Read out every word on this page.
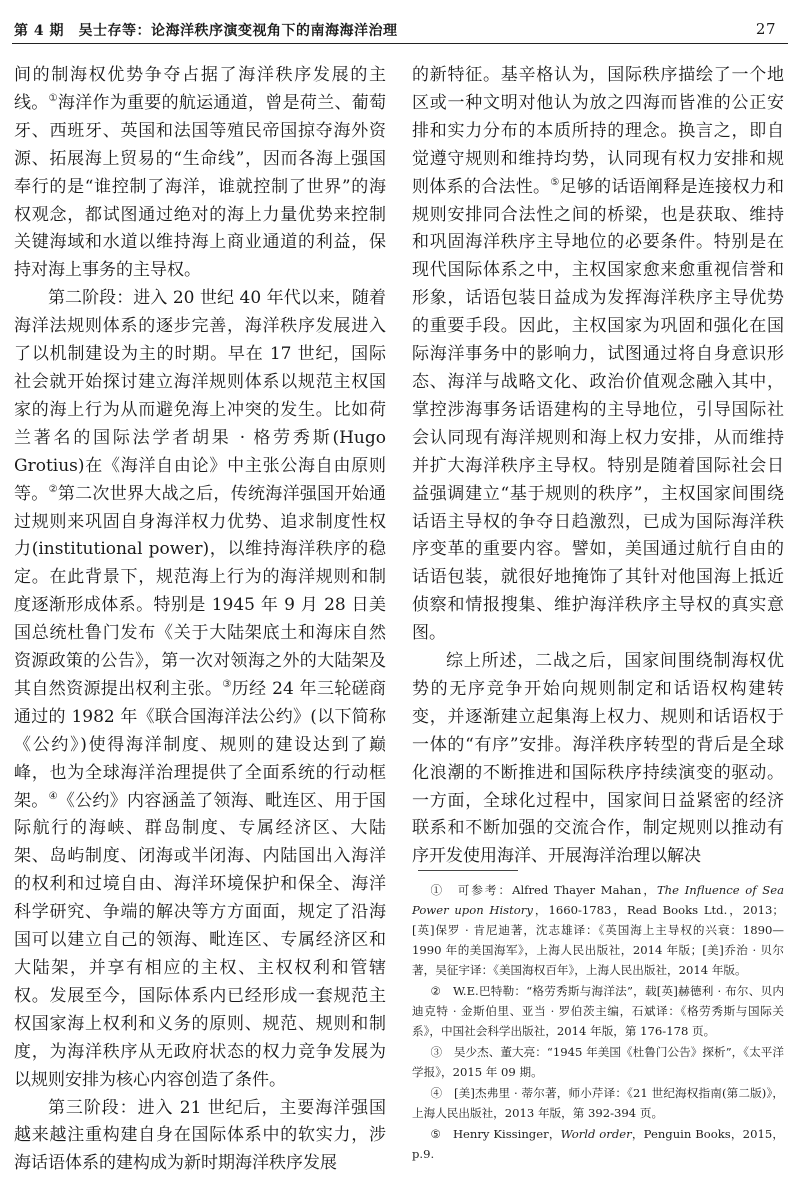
第 4 期　吴士存等：论海洋秩序演变视角下的南海海洋治理	27

间的制海权优势争夺占据了海洋秩序发展的主线。①海洋作为重要的航运通道，曾是荷兰、葡萄牙、西班牙、英国和法国等殖民帝国掠夺海外资源、拓展海上贸易的“生命线”，因而各海上强国奉行的是“谁控制了海洋，谁就控制了世界”的海权观念，都试图通过绝对的海上力量优势来控制关键海域和水道以维持海上商业通道的利益，保持对海上事务的主导权。

第二阶段：进入 20 世纪 40 年代以来，随着海洋法规则体系的逐步完善，海洋秩序发展进入了以机制建设为主的时期。早在 17 世纪，国际社会就开始探讨建立海洋规则体系以规范主权国家的海上行为从而避免海上冲突的发生。比如荷兰著名的国际法学者胡果 · 格劳秀斯(Hugo Grotius)在《海洋自由论》中主张公海自由原则等。②第二次世界大战之后，传统海洋强国开始通过规则来巩固自身海洋权力优势、追求制度性权力(institutional power)，以维持海洋秩序的稳定。在此背景下，规范海上行为的海洋规则和制度逐渐形成体系。特别是 1945 年 9 月 28 日美国总统杜鲁门发布《关于大陆架底土和海床自然资源政策的公告》，第一次对领海之外的大陆架及其自然资源提出权利主张。③历经 24 年三轮磋商通过的 1982 年《联合国海洋法公约》(以下简称《公约》)使得海洋制度、规则的建设达到了巅峰，也为全球海洋治理提供了全面系统的行动框架。④《公约》内容涵盖了领海、毗连区、用于国际航行的海峡、群岛制度、专属经济区、大陆架、岛屿制度、闭海或半闭海、内陆国出入海洋的权利和过境自由、海洋环境保护和保全、海洋科学研究、争端的解决等方方面面，规定了沿海国可以建立自己的领海、毗连区、专属经济区和大陆架，并享有相应的主权、主权权利和管辖权。发展至今，国际体系内已经形成一套规范主权国家海上权利和义务的原则、规范、规则和制度，为海洋秩序从无政府状态的权力竞争发展为以规则安排为核心内容创造了条件。

第三阶段：进入 21 世纪后，主要海洋强国越来越注重构建自身在国际体系中的软实力，涉海话语体系的建构成为新时期海洋秩序发展

的新特征。基辛格认为，国际秩序描绘了一个地区或一种文明对他认为放之四海而皆准的公正安排和实力分布的本质所持的理念。换言之，即自觉遵守规则和维持均势，认同现有权力安排和规则体系的合法性。⑤足够的话语阐释是连接权力和规则安排同合法性之间的桥梁，也是获取、维持和巩固海洋秩序主导地位的必要条件。特别是在现代国际体系之中，主权国家愈来愈重视信誉和形象，话语包装日益成为发挥海洋秩序主导优势的重要手段。因此，主权国家为巩固和强化在国际海洋事务中的影响力，试图通过将自身意识形态、海洋与战略文化、政治价值观念融入其中，掌控涉海事务话语建构的主导地位，引导国际社会认同现有海洋规则和海上权力安排，从而维持并扩大海洋秩序主导权。特别是随着国际社会日益强调建立“基于规则的秩序”，主权国家间围绕话语主导权的争夺日趋激烈，已成为国际海洋秩序变革的重要内容。譬如，美国通过航行自由的话语包装，就很好地掩饰了其针对他国海上抵近侦察和情报搜集、维护海洋秩序主导权的真实意图。

综上所述，二战之后，国家间围绕制海权优势的无序竞争开始向规则制定和话语权构建转变，并逐渐建立起集海上权力、规则和话语权于一体的“有序”安排。海洋秩序转型的背后是全球化浪潮的不断推进和国际秩序持续演变的驱动。一方面，全球化过程中，国家间日益紧密的经济联系和不断加强的交流合作，制定规则以推动有序开发使用海洋、开展海洋治理以解决

①　可参考：Alfred Thayer Mahan，The Influence of Sea Power upon History，1660-1783，Read Books Ltd.，2013；[英]保罗 · 肯尼迪著，沈志雄译：《英国海上主导权的兴衰：1890—1990 年的美国海军》，上海人民出版社，2014 年版；[美]乔治 · 贝尔著，吴征宇译：《美国海权百年》，上海人民出版社，2014 年版。

②　W.E.巴特勒：“格劳秀斯与海洋法”，载[英]赫德利 · 布尔、贝内迪克特 · 金斯伯里、亚当 · 罗伯茨主编，石斌译：《格劳秀斯与国际关系》，中国社会科学出版社，2014 年版，第 176-178 页。

③　吴少杰、董大亮：“1945 年美国《杜鲁门公告》探析”，《太平洋学报》，2015 年 09 期。

④　[美]杰弗里 · 蒂尔著，师小芹译：《21 世纪海权指南(第二版)》，上海人民出版社，2013 年版，第 392-394 页。

⑤　Henry Kissinger，World order，Penguin Books，2015，p.9.
